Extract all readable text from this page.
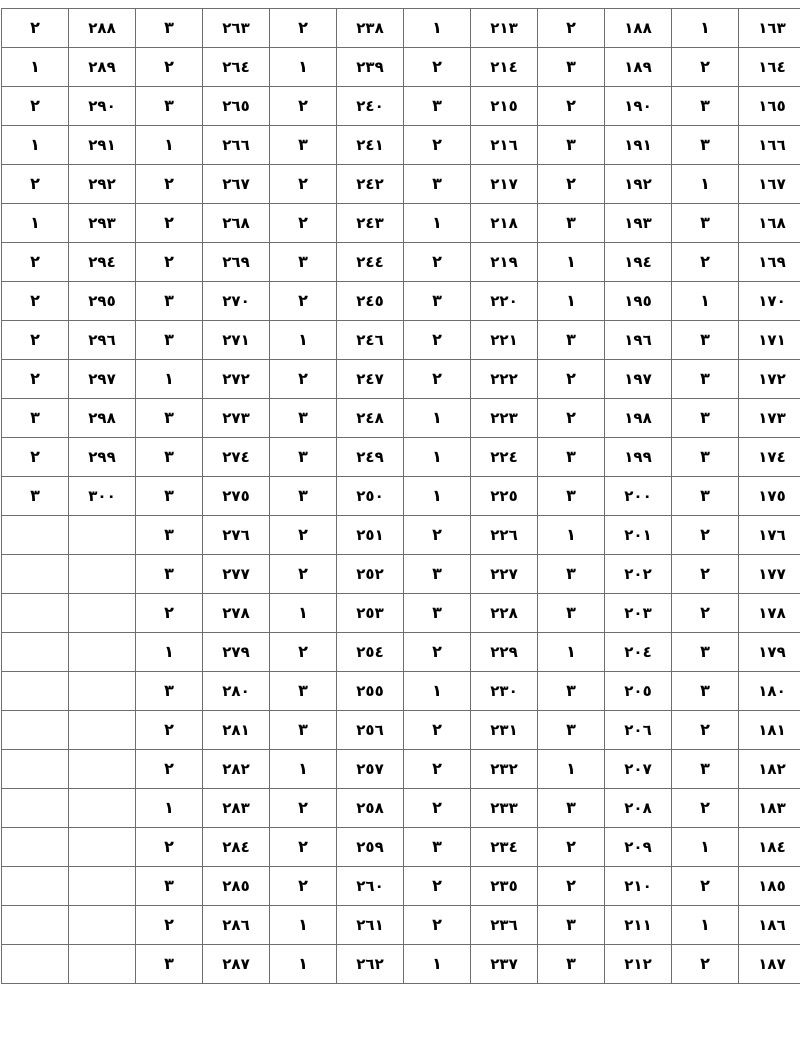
١٦٣	١	١٨٨	٢	٢١٣	١	٢٣٨	٢	٢٦٣	٣	٢٨٨	٢
١٦٤	٢	١٨٩	٣	٢١٤	٢	٢٣٩	١	٢٦٤	٢	٢٨٩	١
١٦٥	٣	١٩٠	٢	٢١٥	٣	٢٤٠	٢	٢٦٥	٣	٢٩٠	٢
١٦٦	٣	١٩١	٣	٢١٦	٢	٢٤١	٣	٢٦٦	١	٢٩١	١
١٦٧	١	١٩٢	٢	٢١٧	٣	٢٤٢	٢	٢٦٧	٢	٢٩٢	٢
١٦٨	٣	١٩٣	٣	٢١٨	١	٢٤٣	٢	٢٦٨	٢	٢٩٣	١
١٦٩	٢	١٩٤	١	٢١٩	٢	٢٤٤	٣	٢٦٩	٢	٢٩٤	٢
١٧٠	١	١٩٥	١	٢٢٠	٣	٢٤٥	٢	٢٧٠	٣	٢٩٥	٢
١٧١	٣	١٩٦	٣	٢٢١	٢	٢٤٦	١	٢٧١	٣	٢٩٦	٢
١٧٢	٣	١٩٧	٢	٢٢٢	٢	٢٤٧	٢	٢٧٢	١	٢٩٧	٢
١٧٣	٣	١٩٨	٢	٢٢٣	١	٢٤٨	٣	٢٧٣	٣	٢٩٨	٣
١٧٤	٣	١٩٩	٣	٢٢٤	١	٢٤٩	٣	٢٧٤	٣	٢٩٩	٢
١٧٥	٣	٢٠٠	٣	٢٢٥	١	٢٥٠	٣	٢٧٥	٣	٣٠٠	٣
١٧٦	٢	٢٠١	١	٢٢٦	٢	٢٥١	٢	٢٧٦	٣		
١٧٧	٢	٢٠٢	٣	٢٢٧	٣	٢٥٢	٢	٢٧٧	٣		
١٧٨	٢	٢٠٣	٣	٢٢٨	٣	٢٥٣	١	٢٧٨	٢		
١٧٩	٣	٢٠٤	١	٢٢٩	٢	٢٥٤	٢	٢٧٩	١		
١٨٠	٣	٢٠٥	٣	٢٣٠	١	٢٥٥	٣	٢٨٠	٣		
١٨١	٢	٢٠٦	٣	٢٣١	٢	٢٥٦	٣	٢٨١	٢		
١٨٢	٣	٢٠٧	١	٢٣٢	٢	٢٥٧	١	٢٨٢	٢		
١٨٣	٢	٢٠٨	٣	٢٣٣	٢	٢٥٨	٢	٢٨٣	١		
١٨٤	١	٢٠٩	٢	٢٣٤	٣	٢٥٩	٢	٢٨٤	٢		
١٨٥	٢	٢١٠	٢	٢٣٥	٢	٢٦٠	٢	٢٨٥	٣		
١٨٦	١	٢١١	٣	٢٣٦	٢	٢٦١	١	٢٨٦	٢		
١٨٧	٢	٢١٢	٣	٢٣٧	١	٢٦٢	١	٢٨٧	٣		
